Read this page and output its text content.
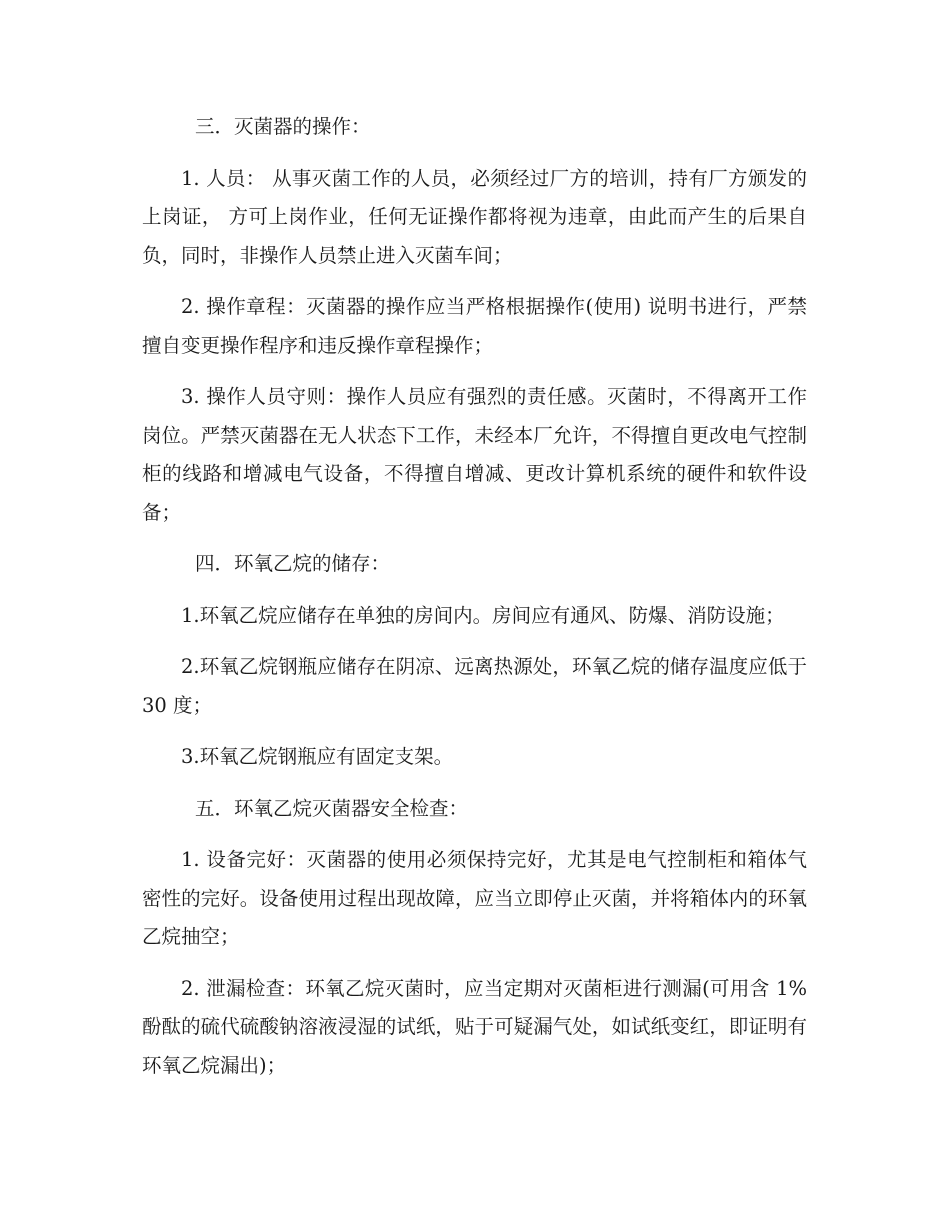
三．灭菌器的操作：

1. 人员： 从事灭菌工作的人员，必须经过厂方的培训，持有厂方颁发的上岗证， 方可上岗作业，任何无证操作都将视为违章，由此而产生的后果自负，同时，非操作人员禁止进入灭菌车间；

2. 操作章程：灭菌器的操作应当严格根据操作(使用) 说明书进行，严禁擅自变更操作程序和违反操作章程操作；

3. 操作人员守则：操作人员应有强烈的责任感。灭菌时，不得离开工作岗位。严禁灭菌器在无人状态下工作，未经本厂允许，不得擅自更改电气控制柜的线路和增减电气设备，不得擅自增减、更改计算机系统的硬件和软件设备；

四．环氧乙烷的储存：

1.环氧乙烷应储存在单独的房间内。房间应有通风、防爆、消防设施；

2.环氧乙烷钢瓶应储存在阴凉、远离热源处，环氧乙烷的储存温度应低于 30 度；

3.环氧乙烷钢瓶应有固定支架。

五．环氧乙烷灭菌器安全检查：

1. 设备完好：灭菌器的使用必须保持完好，尤其是电气控制柜和箱体气密性的完好。设备使用过程出现故障，应当立即停止灭菌，并将箱体内的环氧乙烷抽空；

2. 泄漏检查：环氧乙烷灭菌时，应当定期对灭菌柜进行测漏(可用含 1%酚酞的硫代硫酸钠溶液浸湿的试纸，贴于可疑漏气处，如试纸变红，即证明有环氧乙烷漏出)；
